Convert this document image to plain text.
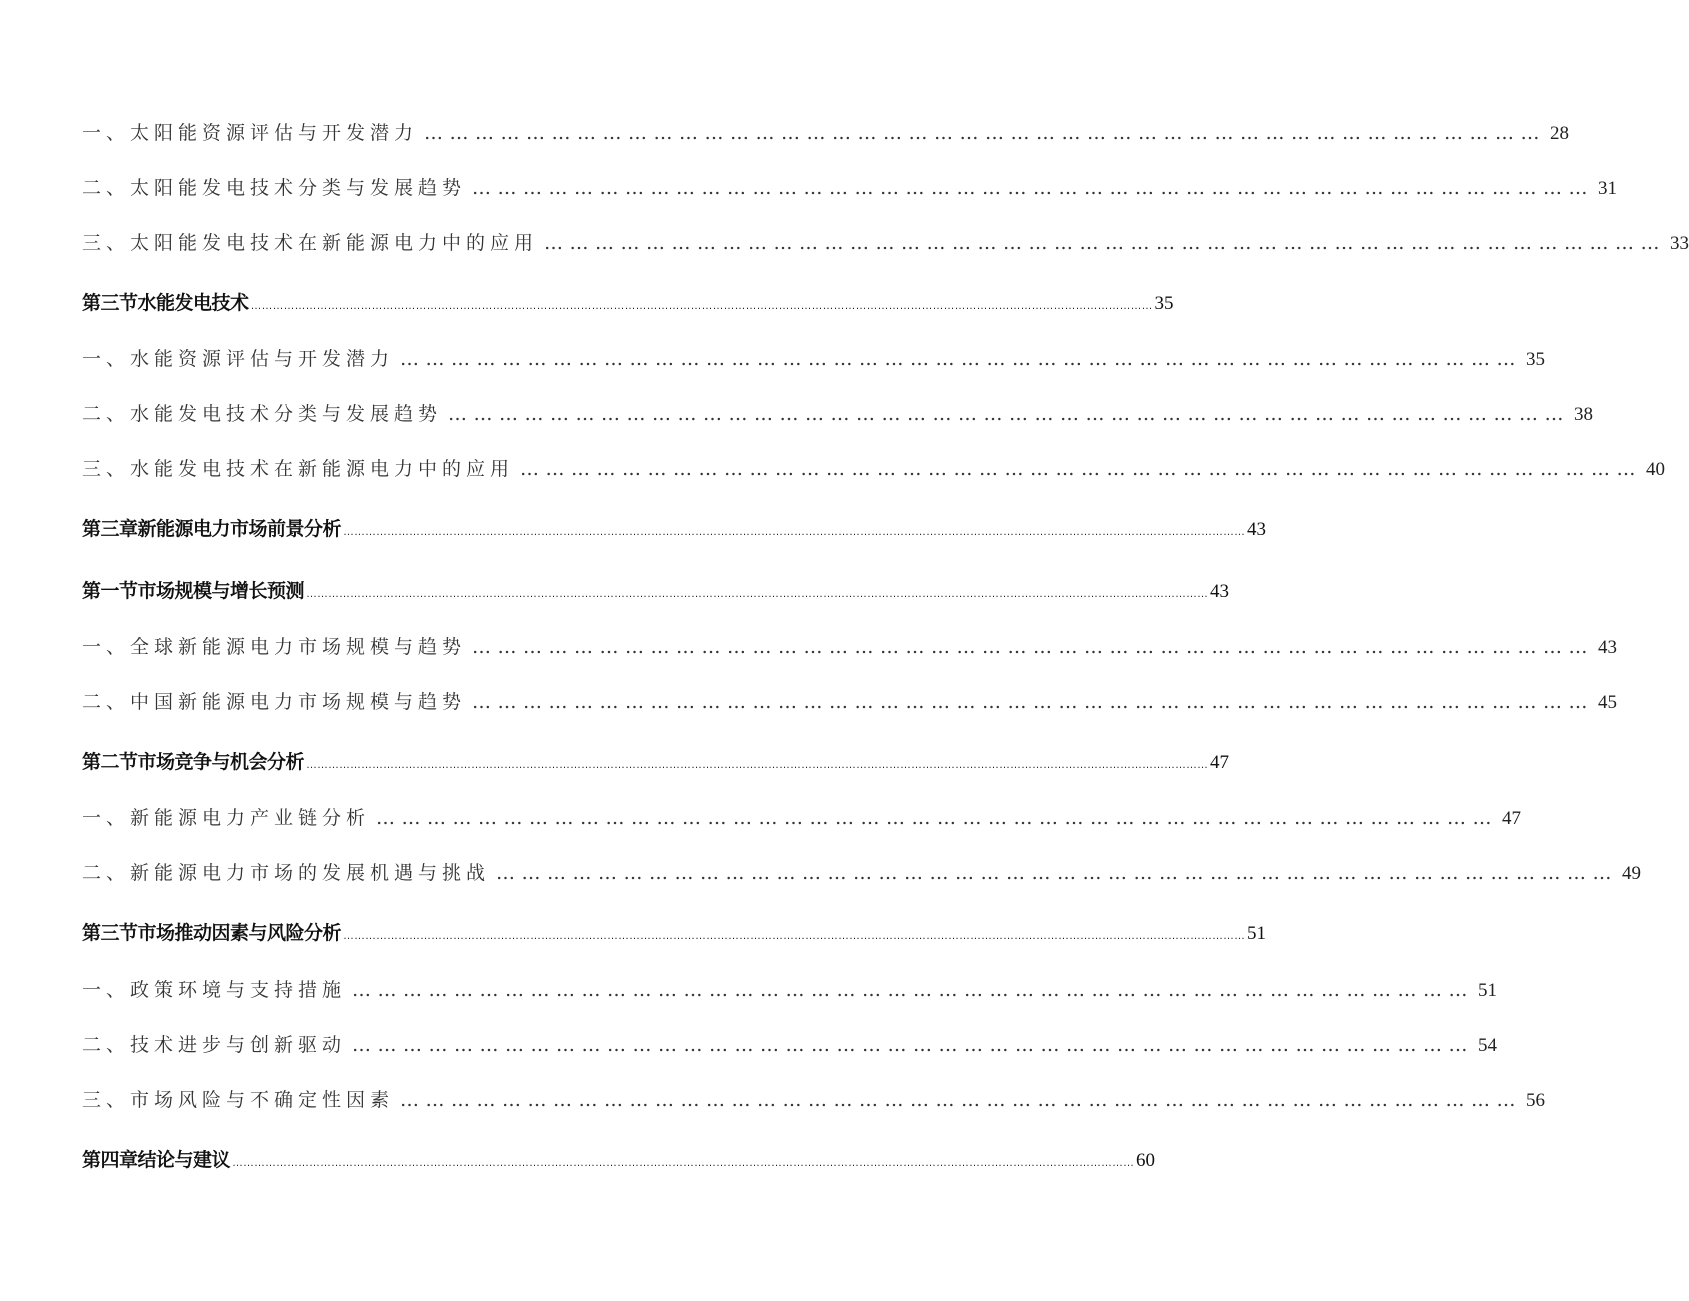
一、太阳能资源评估与开发潜力 …………………………………………………………………………………………………………………… 28
二、太阳能发电技术分类与发展趋势 …………………………………………………………………………………………………………………… 31
三、太阳能发电技术在新能源电力中的应用 …………………………………………………………………………………………………………………… 33
第三节水能发电技术 ………………………………………………………………………………………………………………………………………………………………………………………………………………………… 35
一、水能资源评估与开发潜力 …………………………………………………………………………………………………………………… 35
二、水能发电技术分类与发展趋势 …………………………………………………………………………………………………………………… 38
三、水能发电技术在新能源电力中的应用 …………………………………………………………………………………………………………………… 40
第三章新能源电力市场前景分析 ………………………………………………………………………………………………………………………………………………………………………………………………………………………… 43
第一节市场规模与增长预测 ………………………………………………………………………………………………………………………………………………………………………………………………………………………… 43
一、全球新能源电力市场规模与趋势 …………………………………………………………………………………………………………………… 43
二、中国新能源电力市场规模与趋势 …………………………………………………………………………………………………………………… 45
第二节市场竞争与机会分析 ………………………………………………………………………………………………………………………………………………………………………………………………………………………… 47
一、新能源电力产业链分析 …………………………………………………………………………………………………………………… 47
二、新能源电力市场的发展机遇与挑战 …………………………………………………………………………………………………………………… 49
第三节市场推动因素与风险分析 ………………………………………………………………………………………………………………………………………………………………………………………………………………………… 51
一、政策环境与支持措施 …………………………………………………………………………………………………………………… 51
二、技术进步与创新驱动 …………………………………………………………………………………………………………………… 54
三、市场风险与不确定性因素 …………………………………………………………………………………………………………………… 56
第四章结论与建议 ………………………………………………………………………………………………………………………………………………………………………………………………………………………… 60
